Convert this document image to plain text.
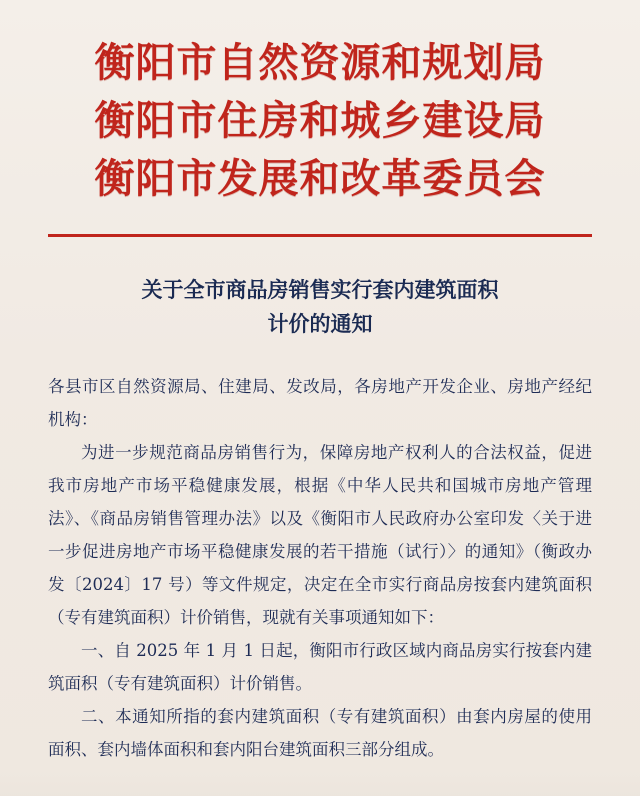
衡阳市自然资源和规划局
衡阳市住房和城乡建设局
衡阳市发展和改革委员会
关于全市商品房销售实行套内建筑面积
计价的通知

各县市区自然资源局、住建局、发改局，各房地产开发企业、房地产经纪机构：

为进一步规范商品房销售行为，保障房地产权利人的合法权益，促进我市房地产市场平稳健康发展，根据《中华人民共和国城市房地产管理法》、《商品房销售管理办法》以及《衡阳市人民政府办公室印发〈关于进一步促进房地产市场平稳健康发展的若干措施（试行）〉的通知》（衡政办发〔2024〕17 号）等文件规定，决定在全市实行商品房按套内建筑面积（专有建筑面积）计价销售，现就有关事项通知如下：

一、自 2025 年 1 月 1 日起，衡阳市行政区域内商品房实行按套内建筑面积（专有建筑面积）计价销售。

二、本通知所指的套内建筑面积（专有建筑面积）由套内房屋的使用面积、套内墙体面积和套内阳台建筑面积三部分组成。
